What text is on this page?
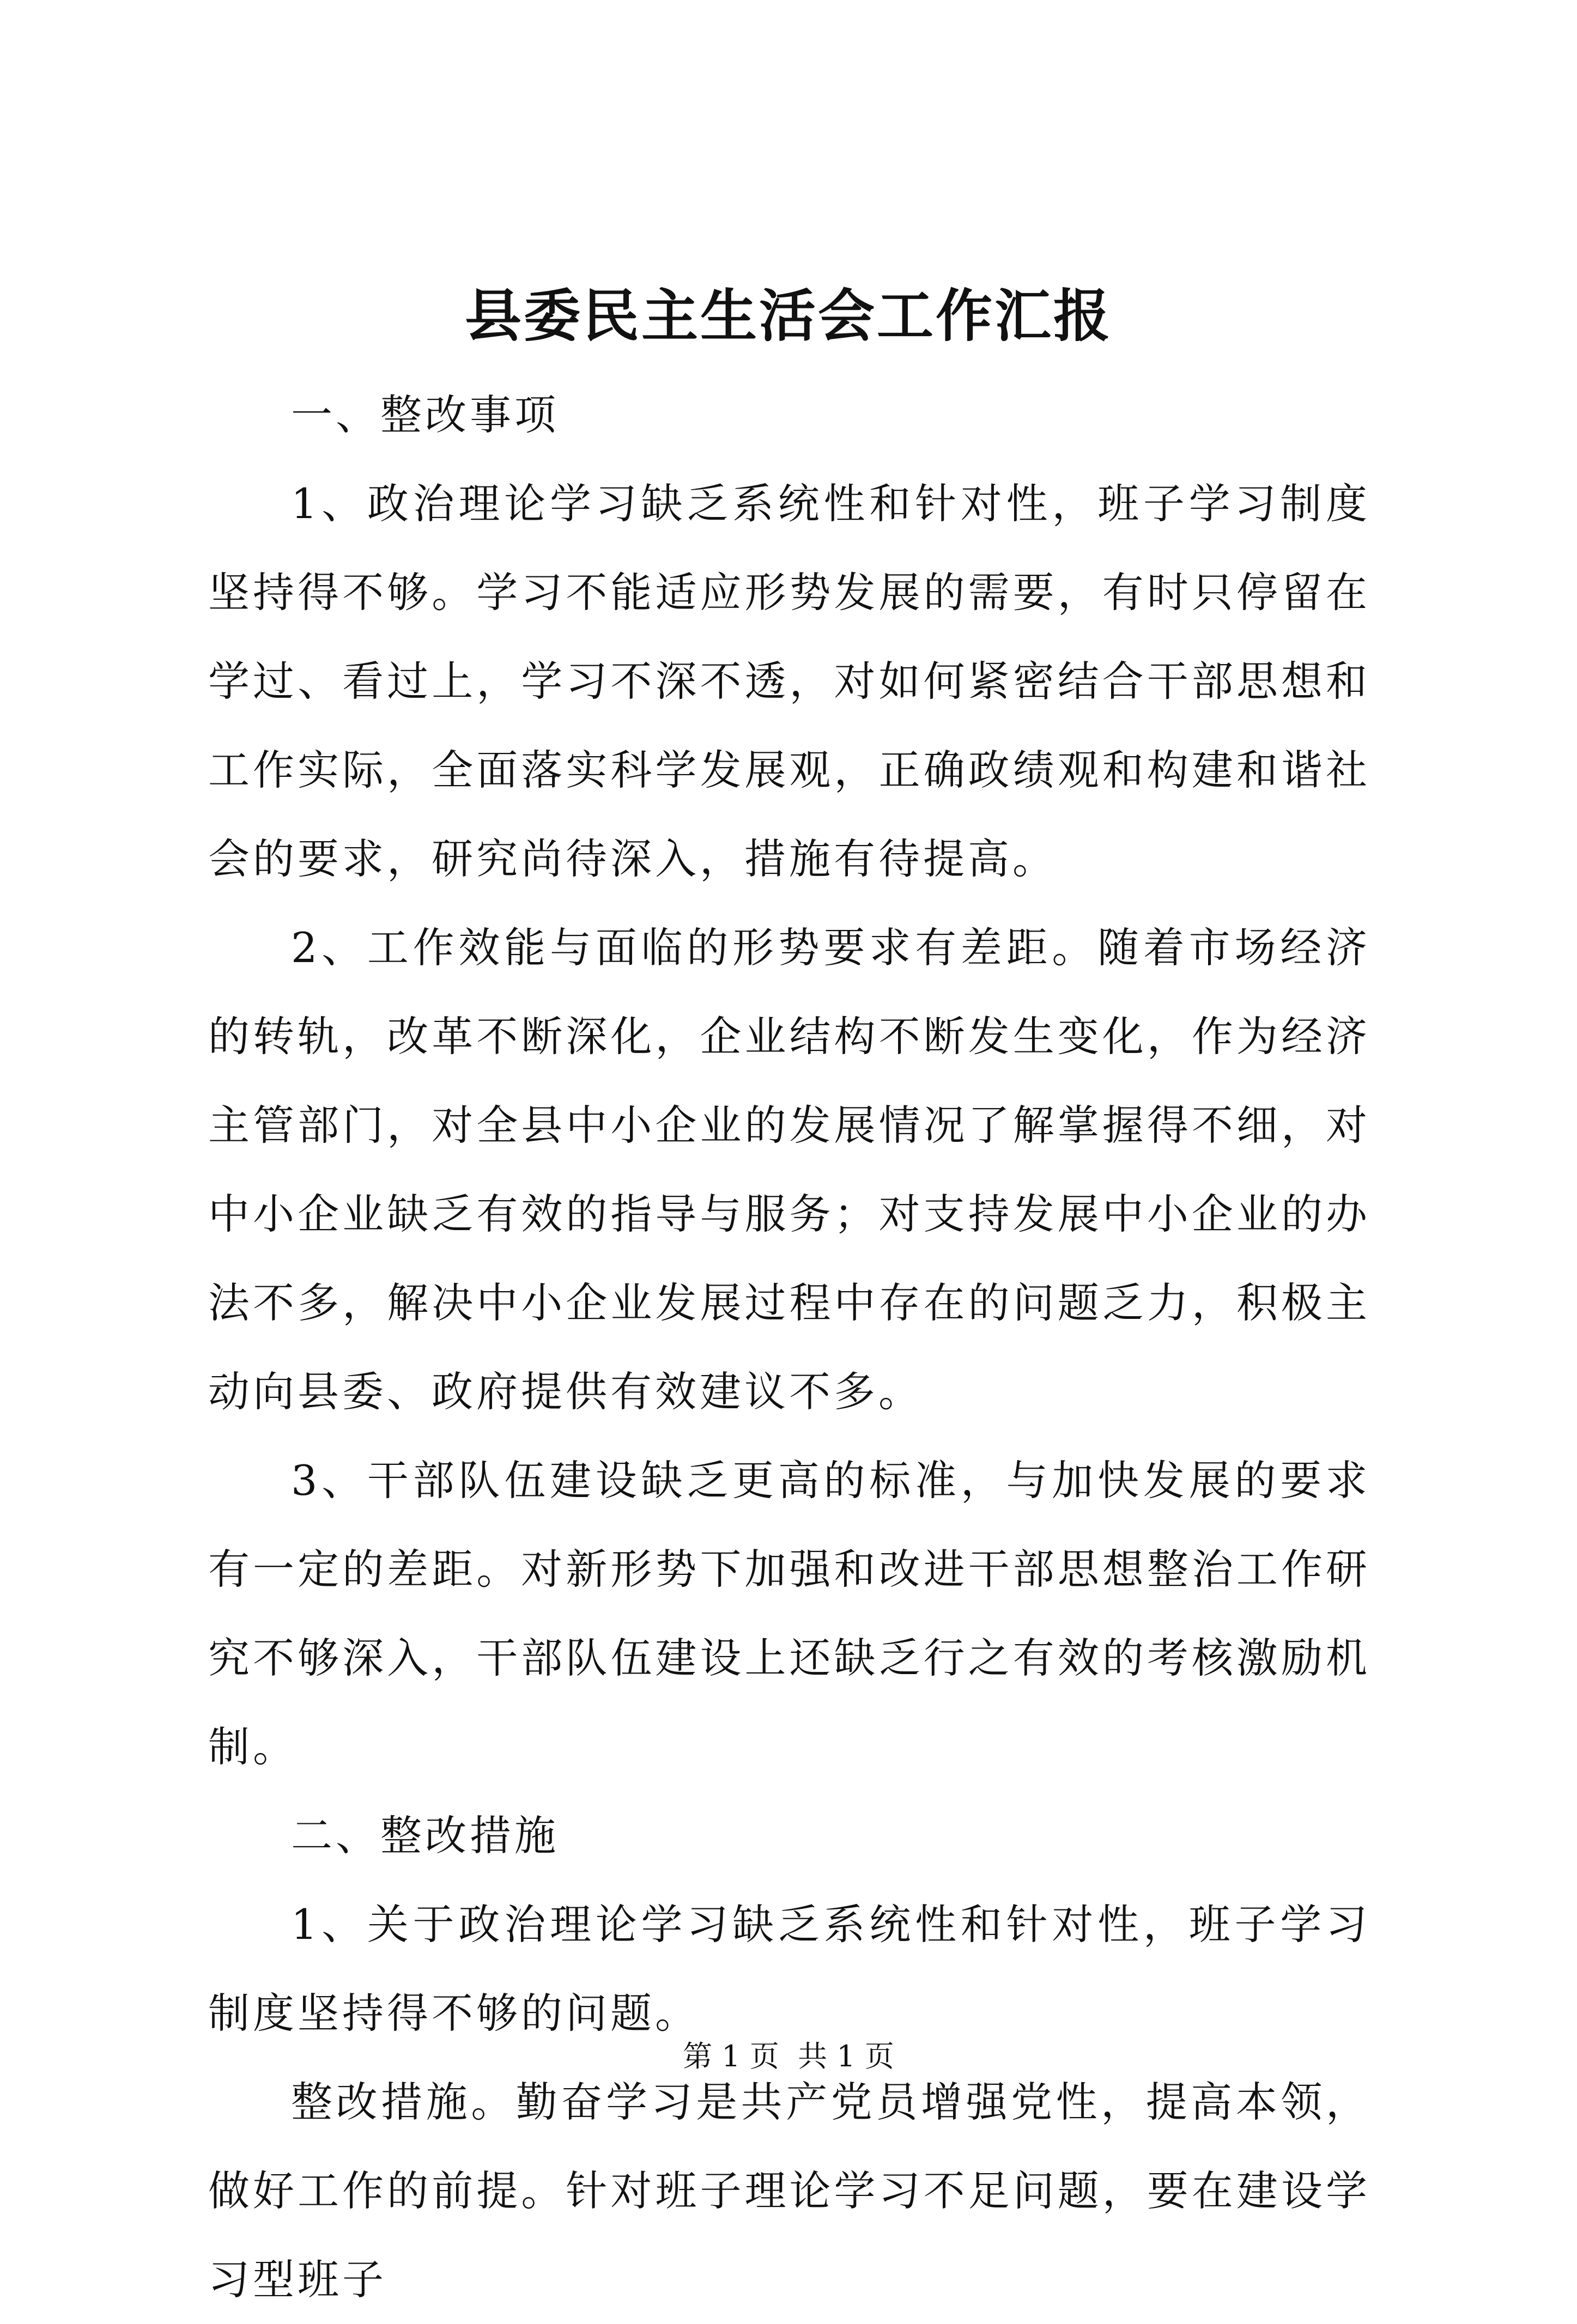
县委民主生活会工作汇报

一、整改事项

1、政治理论学习缺乏系统性和针对性，班子学习制度坚持得不够。学习不能适应形势发展的需要，有时只停留在学过、看过上，学习不深不透，对如何紧密结合干部思想和工作实际，全面落实科学发展观，正确政绩观和构建和谐社会的要求，研究尚待深入，措施有待提高。

2、工作效能与面临的形势要求有差距。随着市场经济的转轨，改革不断深化，企业结构不断发生变化，作为经济主管部门，对全县中小企业的发展情况了解掌握得不细，对中小企业缺乏有效的指导与服务；对支持发展中小企业的办法不多，解决中小企业发展过程中存在的问题乏力，积极主动向县委、政府提供有效建议不多。

3、干部队伍建设缺乏更高的标准，与加快发展的要求有一定的差距。对新形势下加强和改进干部思想整治工作研究不够深入，干部队伍建设上还缺乏行之有效的考核激励机制。

二、整改措施

1、关于政治理论学习缺乏系统性和针对性，班子学习制度坚持得不够的问题。

整改措施。勤奋学习是共产党员增强党性，提高本领，做好工作的前提。针对班子理论学习不足问题，要在建设学习型班子

第 1 页 共 1 页
